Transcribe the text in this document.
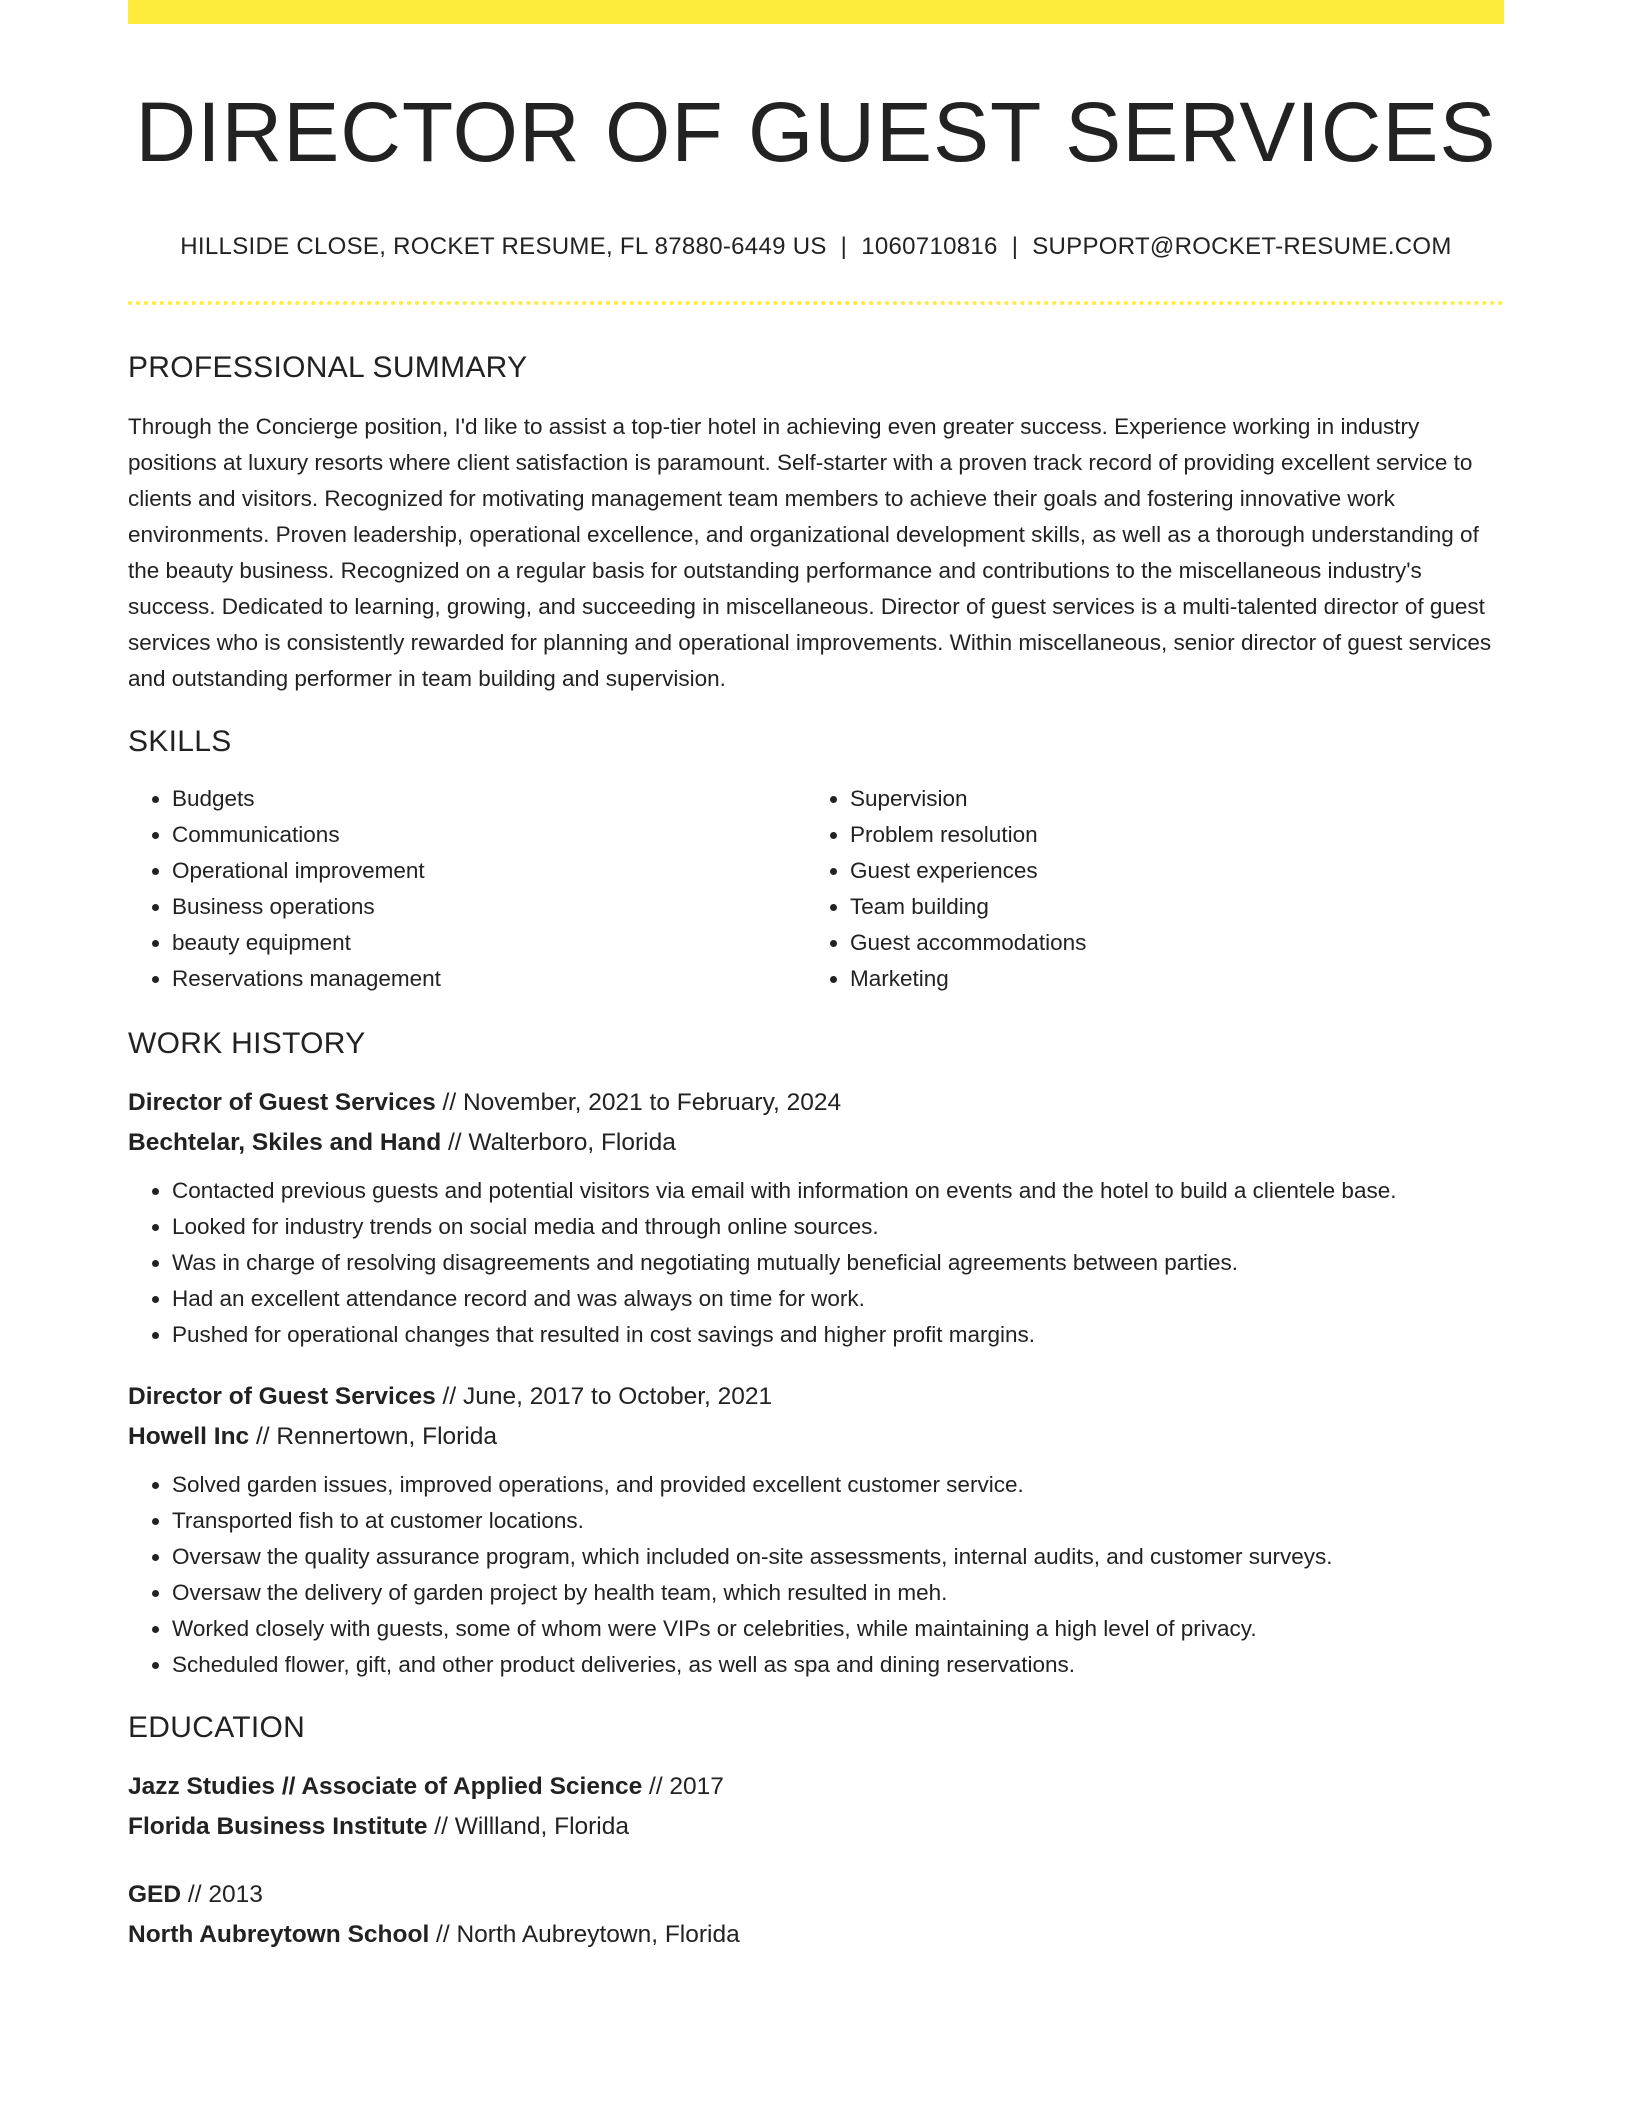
DIRECTOR OF GUEST SERVICES
HILLSIDE CLOSE, ROCKET RESUME, FL 87880-6449 US | 1060710816 | SUPPORT@ROCKET-RESUME.COM
PROFESSIONAL SUMMARY
Through the Concierge position, I'd like to assist a top-tier hotel in achieving even greater success. Experience working in industry positions at luxury resorts where client satisfaction is paramount. Self-starter with a proven track record of providing excellent service to clients and visitors. Recognized for motivating management team members to achieve their goals and fostering innovative work environments. Proven leadership, operational excellence, and organizational development skills, as well as a thorough understanding of the beauty business. Recognized on a regular basis for outstanding performance and contributions to the miscellaneous industry's success. Dedicated to learning, growing, and succeeding in miscellaneous. Director of guest services is a multi-talented director of guest services who is consistently rewarded for planning and operational improvements. Within miscellaneous, senior director of guest services and outstanding performer in team building and supervision.
SKILLS
• Budgets
• Communications
• Operational improvement
• Business operations
• beauty equipment
• Reservations management
• Supervision
• Problem resolution
• Guest experiences
• Team building
• Guest accommodations
• Marketing
WORK HISTORY
Director of Guest Services // November, 2021 to February, 2024
Bechtelar, Skiles and Hand // Walterboro, Florida
• Contacted previous guests and potential visitors via email with information on events and the hotel to build a clientele base.
• Looked for industry trends on social media and through online sources.
• Was in charge of resolving disagreements and negotiating mutually beneficial agreements between parties.
• Had an excellent attendance record and was always on time for work.
• Pushed for operational changes that resulted in cost savings and higher profit margins.
Director of Guest Services // June, 2017 to October, 2021
Howell Inc // Rennertown, Florida
• Solved garden issues, improved operations, and provided excellent customer service.
• Transported fish to at customer locations.
• Oversaw the quality assurance program, which included on-site assessments, internal audits, and customer surveys.
• Oversaw the delivery of garden project by health team, which resulted in meh.
• Worked closely with guests, some of whom were VIPs or celebrities, while maintaining a high level of privacy.
• Scheduled flower, gift, and other product deliveries, as well as spa and dining reservations.
EDUCATION
Jazz Studies // Associate of Applied Science // 2017
Florida Business Institute // Willland, Florida
GED // 2013
North Aubreytown School // North Aubreytown, Florida
